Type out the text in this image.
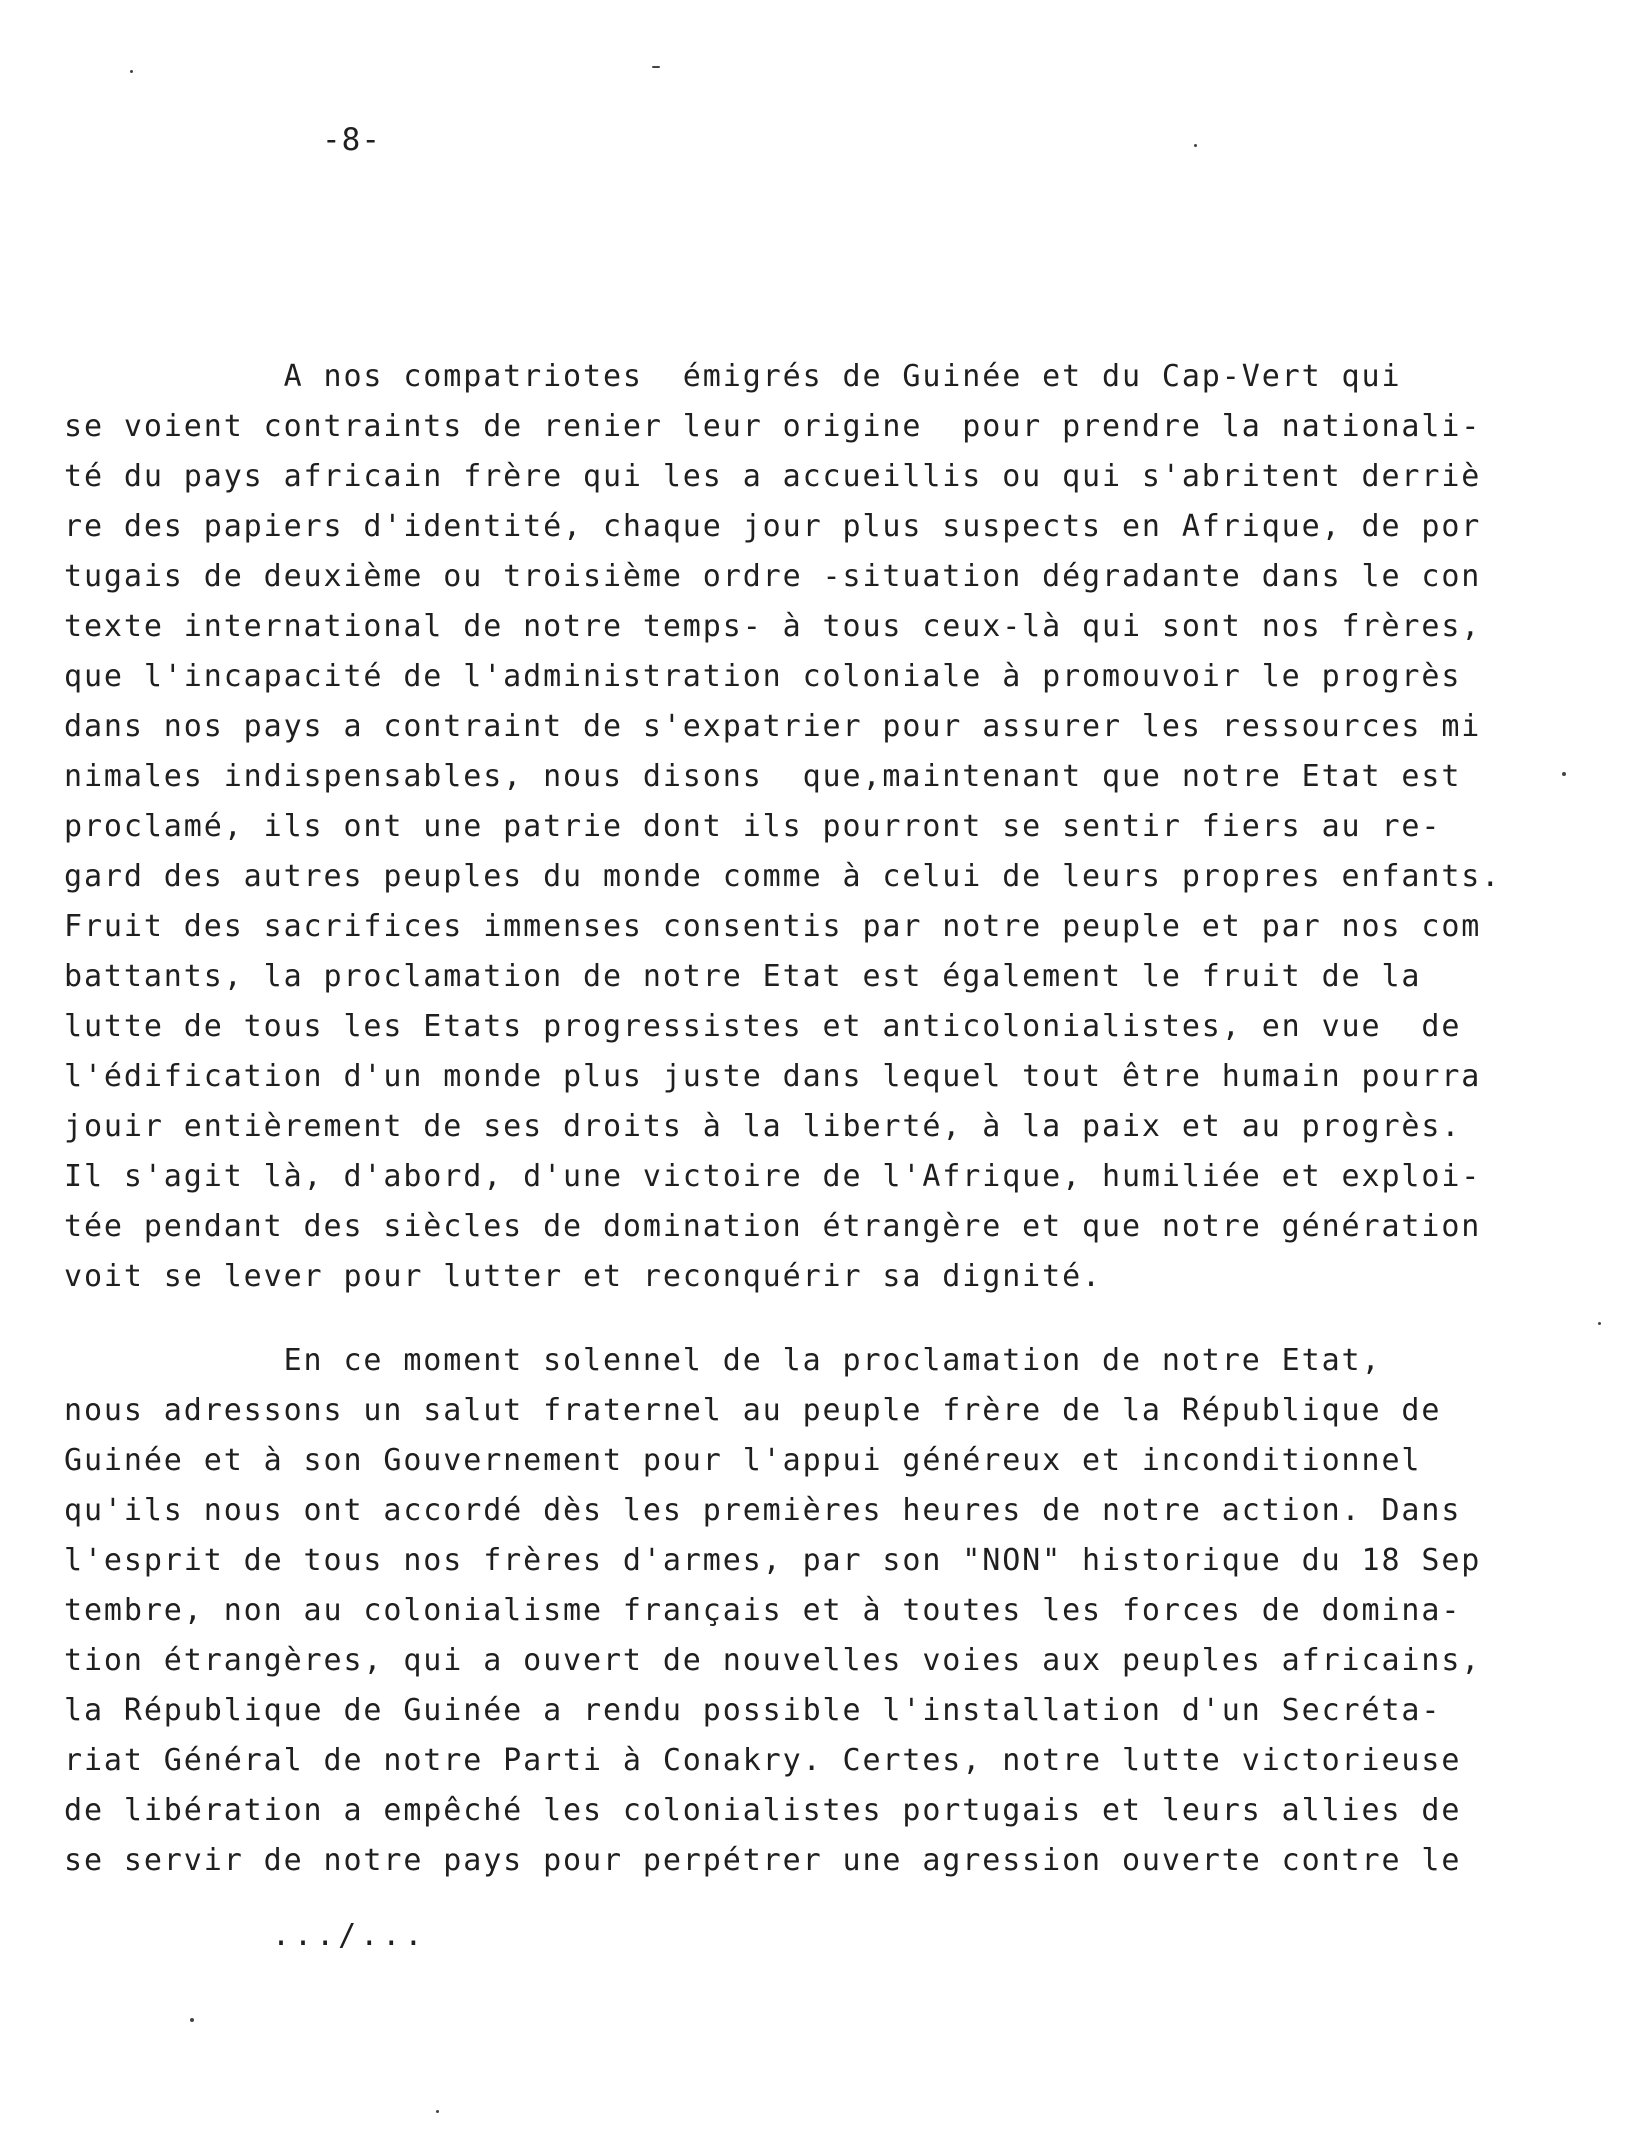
-8-
A nos compatriotes  émigrés de Guinée et du Cap-Vert qui
se voient contraints de renier leur origine  pour prendre la nationali-
té du pays africain frère qui les a accueillis ou qui s'abritent derriè
re des papiers d'identité, chaque jour plus suspects en Afrique, de por
tugais de deuxième ou troisième ordre -situation dégradante dans le con
texte international de notre temps- à tous ceux-là qui sont nos frères,
que l'incapacité de l'administration coloniale à promouvoir le progrès
dans nos pays a contraint de s'expatrier pour assurer les ressources mi
nimales indispensables, nous disons  que,maintenant que notre Etat est
proclamé, ils ont une patrie dont ils pourront se sentir fiers au re-
gard des autres peuples du monde comme à celui de leurs propres enfants.
Fruit des sacrifices immenses consentis par notre peuple et par nos com
battants, la proclamation de notre Etat est également le fruit de la
lutte de tous les Etats progressistes et anticolonialistes, en vue  de
l'édification d'un monde plus juste dans lequel tout être humain pourra
jouir entièrement de ses droits à la liberté, à la paix et au progrès.
Il s'agit là, d'abord, d'une victoire de l'Afrique, humiliée et exploi-
tée pendant des siècles de domination étrangère et que notre génération
voit se lever pour lutter et reconquérir sa dignité.
En ce moment solennel de la proclamation de notre Etat,
nous adressons un salut fraternel au peuple frère de la République de
Guinée et à son Gouvernement pour l'appui généreux et inconditionnel
qu'ils nous ont accordé dès les premières heures de notre action. Dans
l'esprit de tous nos frères d'armes, par son "NON" historique du 18 Sep
tembre, non au colonialisme français et à toutes les forces de domina-
tion étrangères, qui a ouvert de nouvelles voies aux peuples africains,
la République de Guinée a rendu possible l'installation d'un Secréta-
riat Général de notre Parti à Conakry. Certes, notre lutte victorieuse
de libération a empêché les colonialistes portugais et leurs allies de
se servir de notre pays pour perpétrer une agression ouverte contre le
.../...
